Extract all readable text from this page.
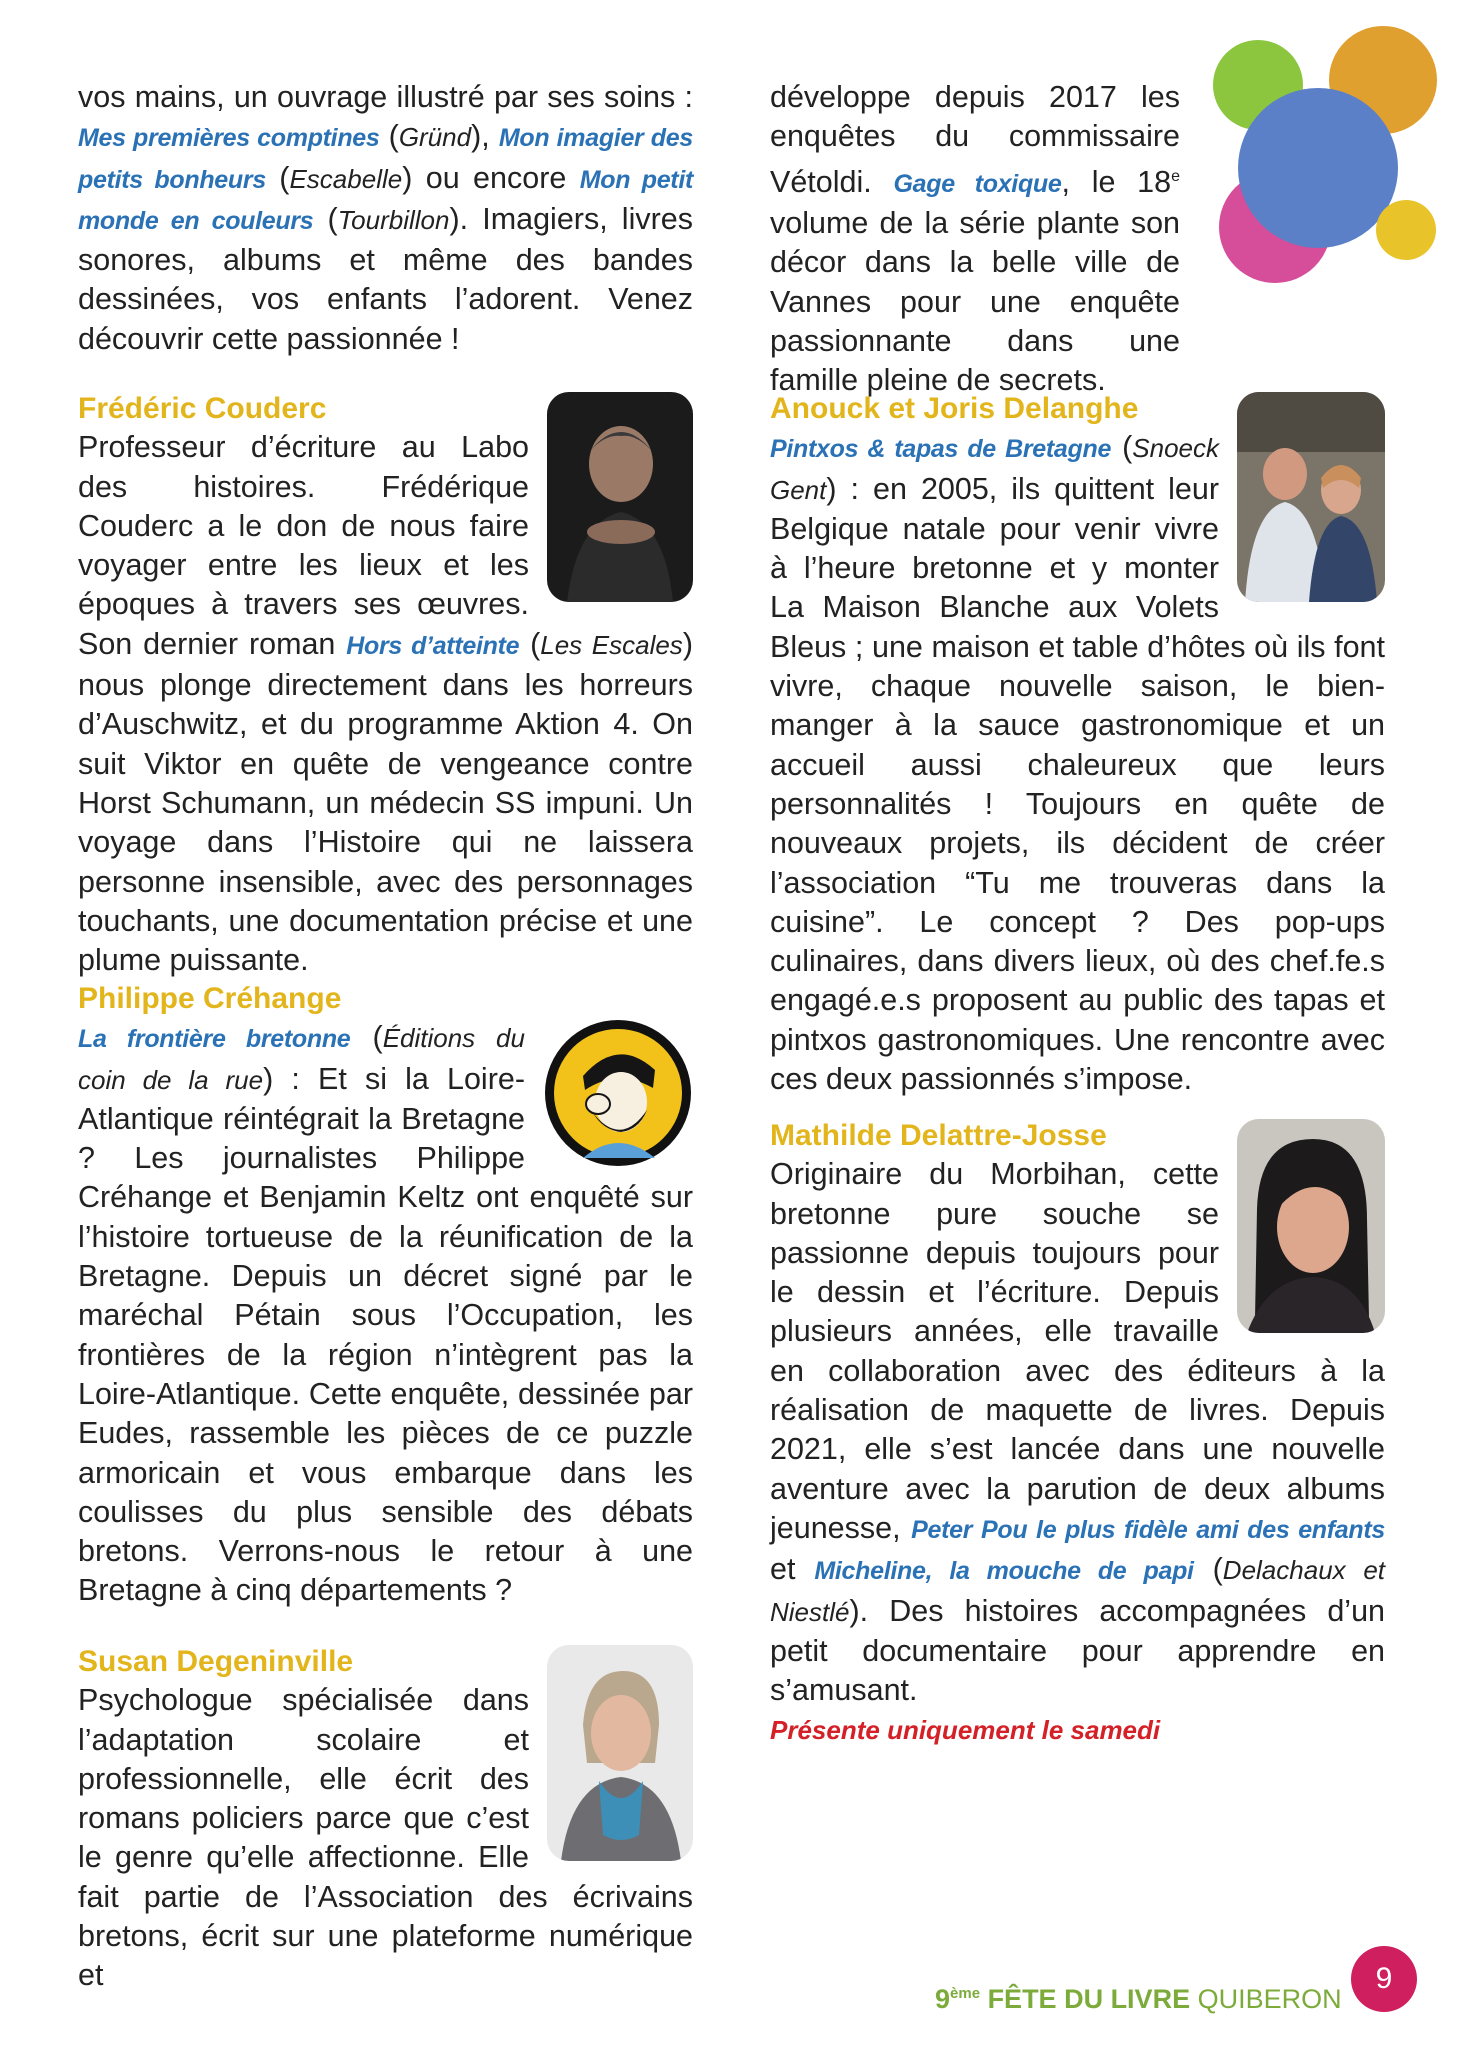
vos mains, un ouvrage illustré par ses soins : Mes premières comptines (Gründ), Mon imagier des petits bonheurs (Escabelle) ou encore Mon petit monde en couleurs (Tourbillon). Imagiers, livres sonores, albums et même des bandes dessinées, vos enfants l’adorent. Venez découvrir cette passionnée !

Frédéric Couderc

Professeur d’écriture au Labo des histoires. Frédérique Couderc a le don de nous faire voyager entre les lieux et les époques à travers ses œuvres. Son dernier roman Hors d’atteinte (Les Escales) nous plonge directement dans les horreurs d’Auschwitz, et du programme Aktion 4. On suit Viktor en quête de vengeance contre Horst Schumann, un médecin SS impuni. Un voyage dans l’Histoire qui ne laissera personne insensible, avec des personnages touchants, une documentation précise et une plume puissante.

Philippe Créhange

La frontière bretonne (Éditions du coin de la rue) : Et si la Loire-Atlantique réintégrait la Bretagne ? Les journalistes Philippe Créhange et Benjamin Keltz ont enquêté sur l’histoire tortueuse de la réunification de la Bretagne. Depuis un décret signé par le maréchal Pétain sous l’Occupation, les frontières de la région n’intègrent pas la Loire-Atlantique. Cette enquête, dessinée par Eudes, rassemble les pièces de ce puzzle armoricain et vous embarque dans les coulisses du plus sensible des débats bretons. Verrons-nous le retour à une Bretagne à cinq départements ?

Susan Degeninville

Psychologue spécialisée dans l’adaptation scolaire et professionnelle, elle écrit des romans policiers parce que c’est le genre qu’elle affectionne. Elle fait partie de l’Association des écrivains bretons, écrit sur une plateforme numérique et

développe depuis 2017 les enquêtes du commissaire Vétoldi. Gage toxique, le 18e volume de la série plante son décor dans la belle ville de Vannes pour une enquête passionnante dans une famille pleine de secrets.

Anouck et Joris Delanghe

Pintxos & tapas de Bretagne (Snoeck Gent) : en 2005, ils quittent leur Belgique natale pour venir vivre à l’heure bretonne et y monter La Maison Blanche aux Volets Bleus ; une maison et table d’hôtes où ils font vivre, chaque nouvelle saison, le bien-manger à la sauce gastronomique et un accueil aussi chaleureux que leurs personnalités ! Toujours en quête de nouveaux projets, ils décident de créer l’association “Tu me trouveras dans la cuisine”. Le concept ? Des pop-ups culinaires, dans divers lieux, où des chef.fe.s engagé.e.s proposent au public des tapas et pintxos gastronomiques. Une rencontre avec ces deux passionnés s’impose.

Mathilde Delattre-Josse

Originaire du Morbihan, cette bretonne pure souche se passionne depuis toujours pour le dessin et l’écriture. Depuis plusieurs années, elle travaille en collaboration avec des éditeurs à la réalisation de maquette de livres. Depuis 2021, elle s’est lancée dans une nouvelle aventure avec la parution de deux albums jeunesse, Peter Pou le plus fidèle ami des enfants et Micheline, la mouche de papi (Delachaux et Niestlé). Des histoires accompagnées d’un petit documentaire pour apprendre en s’amusant.

Présente uniquement le samedi

9ème FÊTE DU LIVRE QUIBERON
9
